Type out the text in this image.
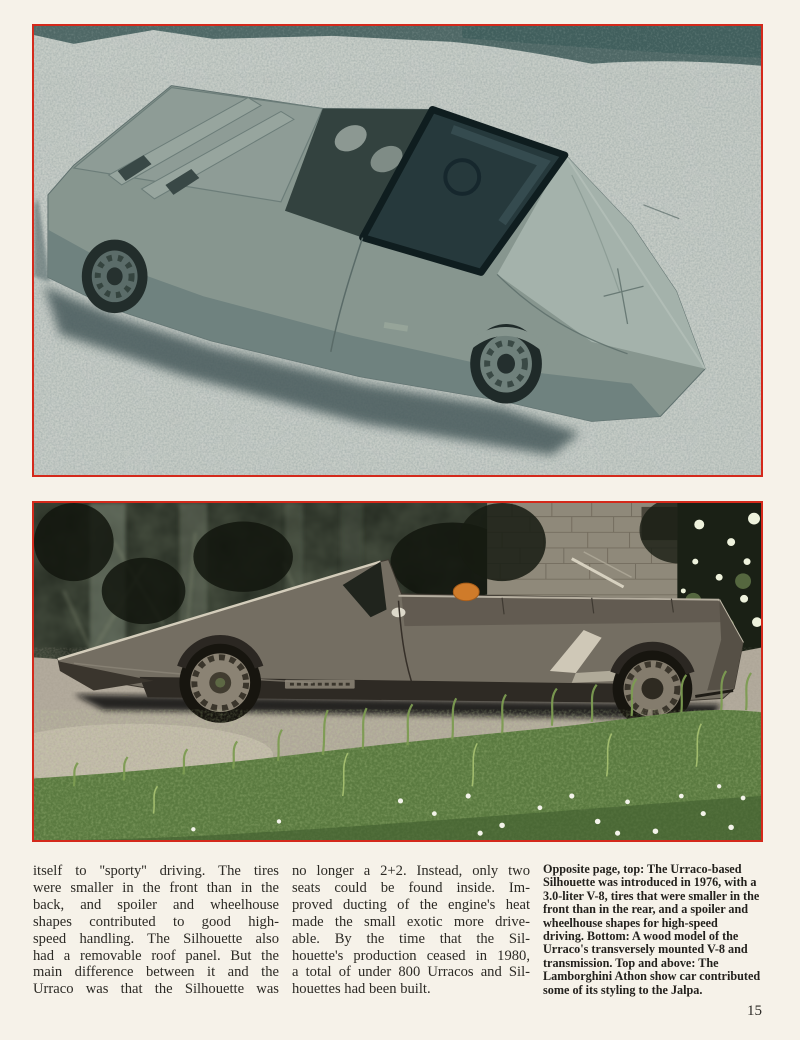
itself to ''sporty'' driving. The tires
were smaller in the front than in the
back, and spoiler and wheelhouse
shapes contributed to good high-
speed handling. The Silhouette also
had a removable roof panel. But the
main difference between it and the
Urraco was that the Silhouette was
no longer a 2+2. Instead, only two
seats could be found inside. Im-
proved ducting of the engine's heat
made the small exotic more drive-
able. By the time that the Sil-
houette's production ceased in 1980,
a total of under 800 Urracos and Sil-
houettes had been built.
Opposite page, top: The Urraco-based
Silhouette was introduced in 1976, with a
3.0-liter V-8, tires that were smaller in the
front than in the rear, and a spoiler and
wheelhouse shapes for high-speed
driving. Bottom: A wood model of the
Urraco's transversely mounted V-8 and
transmission. Top and above: The
Lamborghini Athon show car contributed
some of its styling to the Jalpa.
15
